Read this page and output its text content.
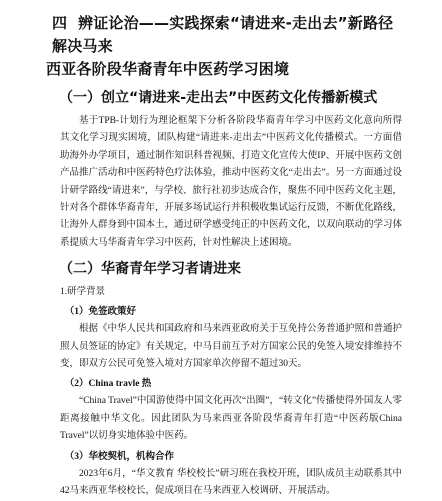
四 辨证论治——实践探索“请进来-走出去”新路径解决马来
西亚各阶段华裔青年中医药学习困境
（一）创立“请进来-走出去”中医药文化传播新模式

基于TPB-计划行为理论框架下分析各阶段华裔青年学习中医药文化意向所得其文化学习现实困境，团队构建“请进来-走出去”中医药文化传播模式。一方面借助海外办学项目，通过制作知识科普视频、打造文化宣传大使IP、开展中医药文创产品推广活动和中医药特色疗法体验，推动中医药文化“走出去”。另一方面通过设计研学路线“请进来”，与学校、旅行社初步达成合作，聚焦不同中医药文化主题，针对各个群体华裔青年，开展多场试运行并积极收集试运行反馈，不断优化路线，让海外人群身到中国本土，通过研学感受纯正的中医药文化，以双向联动的学习体系提质大马华裔青年学习中医药，针对性解决上述困境。

（二）华裔青年学习者请进来
1.研学背景
（1）免签政策好

根据《中华人民共和国政府和马来西亚政府关于互免持公务普通护照和普通护照人员签证的协定》有关规定，中马目前互予对方国家公民的免签入境安排维持不变，即双方公民可免签入境对方国家单次停留不超过30天。

（2）China travle 热

“China Travel”中国游使得中国文化再次“出圈”，“转文化”传播使得外国友人零距离接触中华文化。因此团队为马来西亚各阶段华裔青年打造“中医药版China Travel”以切身实地体验中医药。

（3）华校契机，机构合作

2023年6月，“华文教育 华校校长”研习班在我校开班，团队成员主动联系其中42马来西亚华校校长，促成项目在马来西亚入校调研、开展活动。
